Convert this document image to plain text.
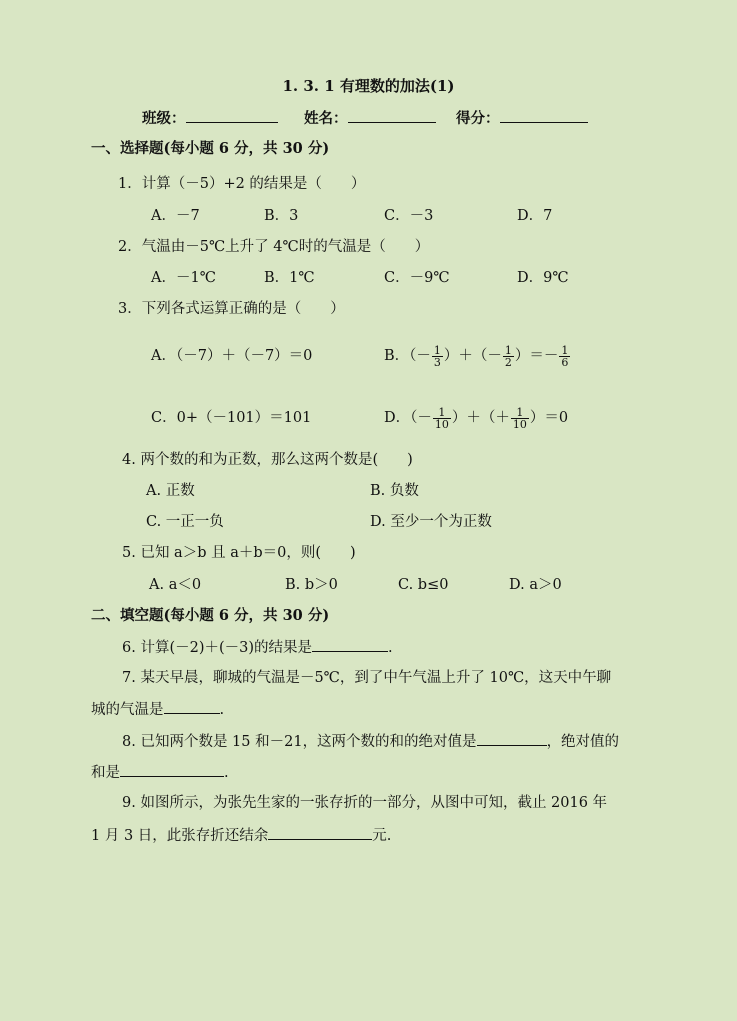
1. 3. 1 有理数的加法(1)
班级：	姓名：	得分：
一、选择题(每小题 6 分，共 30 分)
1．计算（－5）+2 的结果是（　　）
A．－7	B．3	C．－3	D．7
2．气温由－5℃上升了 4℃时的气温是（　　）
A．－1℃	B．1℃	C．－9℃	D．9℃
3．下列各式运算正确的是（　　）
A．（－7）＋（－7）＝0	B．（－ $\frac{1}{3}$ ）＋（－ $\frac{1}{2}$ ）＝－ $\frac{1}{6}$
C．0+（－101）＝101	D．（－ $\frac{1}{10}$ ）＋（＋ $\frac{1}{10} )=0$
4. 两个数的和为正数，那么这两个数是(　　)
A. 正数	B. 负数
C. 一正一负	D. 至少一个为正数
5. 已知 a＞b 且 a＋b＝0，则(　　)
A. a＜0	B. b＞0	C. b≤0	D. a＞0
二、填空题(每小题 6 分，共 30 分)
6. 计算(－2)＋(－3)的结果是	.
7. 某天早晨，聊城的气温是－5℃，到了中午气温上升了 10℃，这天中午聊
城的气温是	.
8. 已知两个数是 15 和－21，这两个数的和的绝对值是	，绝对值的
和是	.
9. 如图所示，为张先生家的一张存折的一部分，从图中可知，截止 2016 年
1 月 3 日，此张存折还结余	元.
